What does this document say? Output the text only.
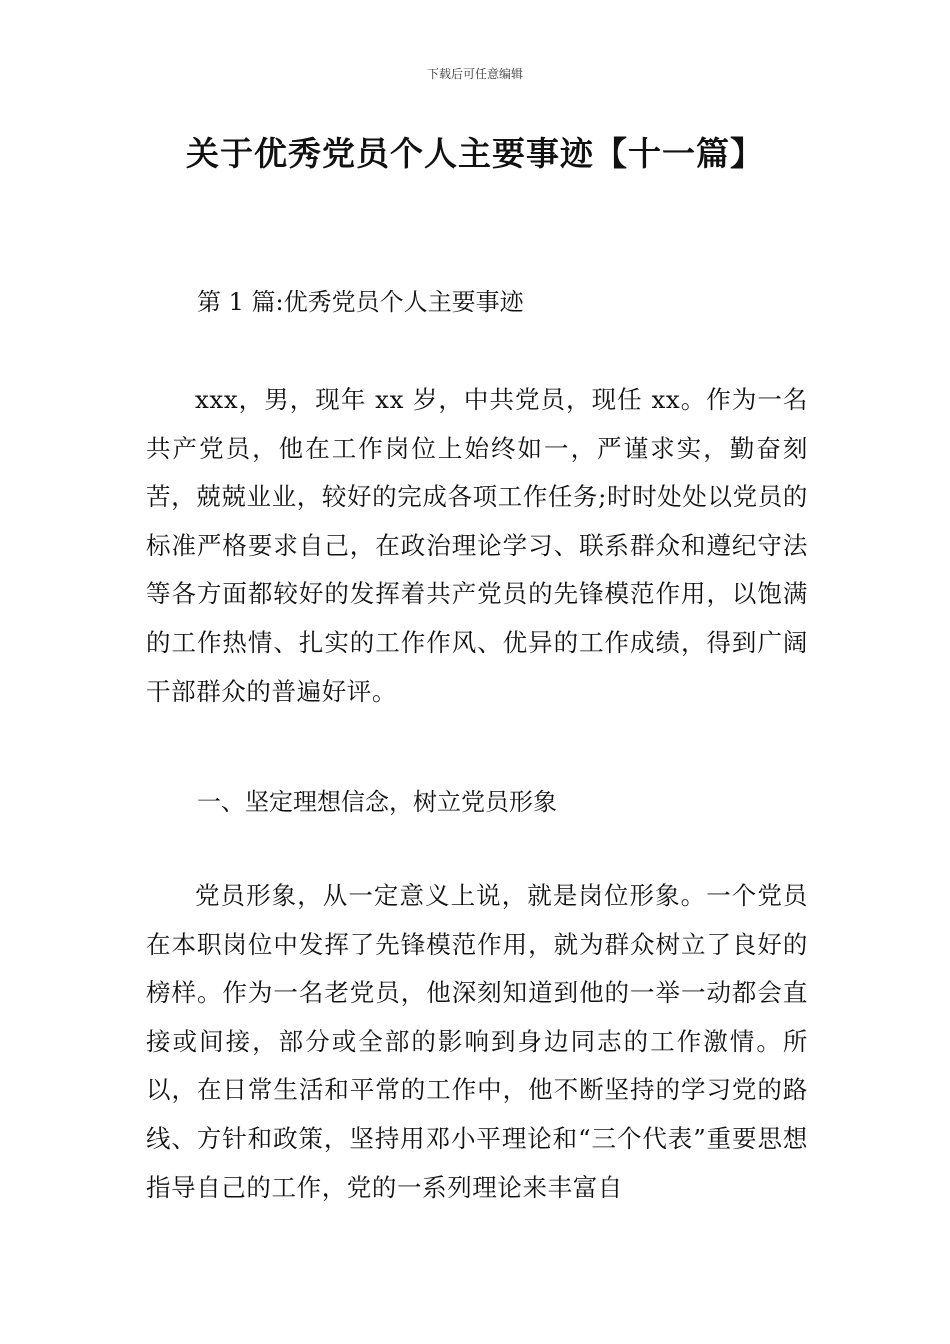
下载后可任意编辑
关于优秀党员个人主要事迹【十一篇】
第 1 篇:优秀党员个人主要事迹

xxx，男，现年 xx 岁，中共党员，现任 xx。作为一名共产党员，他在工作岗位上始终如一，严谨求实，勤奋刻苦，兢兢业业，较好的完成各项工作任务;时时处处以党员的标准严格要求自己，在政治理论学习、联系群众和遵纪守法等各方面都较好的发挥着共产党员的先锋模范作用，以饱满的工作热情、扎实的工作作风、优异的工作成绩，得到广阔干部群众的普遍好评。

一、坚定理想信念，树立党员形象

党员形象，从一定意义上说，就是岗位形象。一个党员在本职岗位中发挥了先锋模范作用，就为群众树立了良好的榜样。作为一名老党员，他深刻知道到他的一举一动都会直接或间接，部分或全部的影响到身边同志的工作激情。所以，在日常生活和平常的工作中，他不断坚持的学习党的路线、方针和政策，坚持用邓小平理论和“三个代表”重要思想指导自己的工作，党的一系列理论来丰富自
